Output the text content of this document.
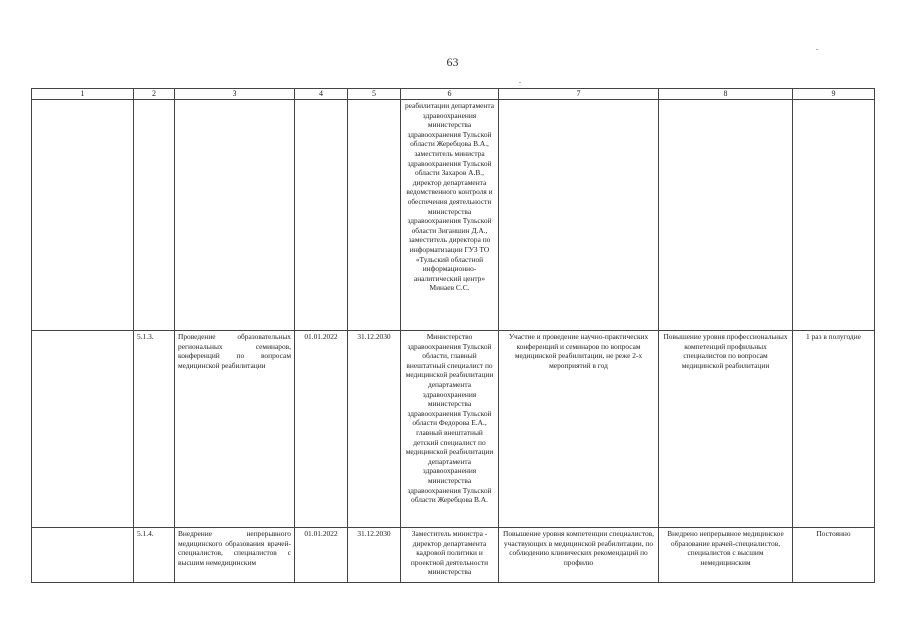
63
1	2	3	4	5	6	7	8	9
					реабилитации департамента здравоохранения министерства здравоохранения Тульской области Жеребцова В.А., заместитель министра здравоохранения Тульской области Захаров А.В., директор департамента ведомственного контроля и обеспечения деятельности министерства здравоохранения Тульской области Зиганшин Д.А., заместитель директора по информатизации ГУЗ ТО «Тульский областной информационно-аналитический центр» Минаев С.С.			
	5.1.3.	Проведение образовательных региональных семинаров, конференций по вопросам медицинской реабилитации	01.01.2022	31.12.2030	Министерство здравоохранения Тульской области, главный внештатный специалист по медицинской реабилитации департамента здравоохранения министерства здравоохранения Тульской области Федорова Е.А., главный внештатный детский специалист по медицинской реабилитации департамента здравоохранения министерства здравоохранения Тульской области Жеребцова В.А.	Участие и проведение научно-практических конференций и семинаров по вопросам медицинской реабилитации, не реже 2-х мероприятий в год	Повышение уровня профессиональных компетенций профильных специалистов по вопросам медицинской реабилитации	1 раз в полугодие
	5.1.4.	Внедрение непрерывного медицинского образования врачей-специалистов, специалистов с высшим немедицинским	01.01.2022	31.12.2030	Заместитель министра - директор департамента кадровой политики и проектной деятельности министерства	Повышение уровня компетенции специалистов, участвующих в медицинской реабилитации, по соблюдению клинических рекомендаций по профилю	Внедрено непрерывное медицинское образование врачей-специалистов, специалистов с высшим немедицинским	Постоянно
